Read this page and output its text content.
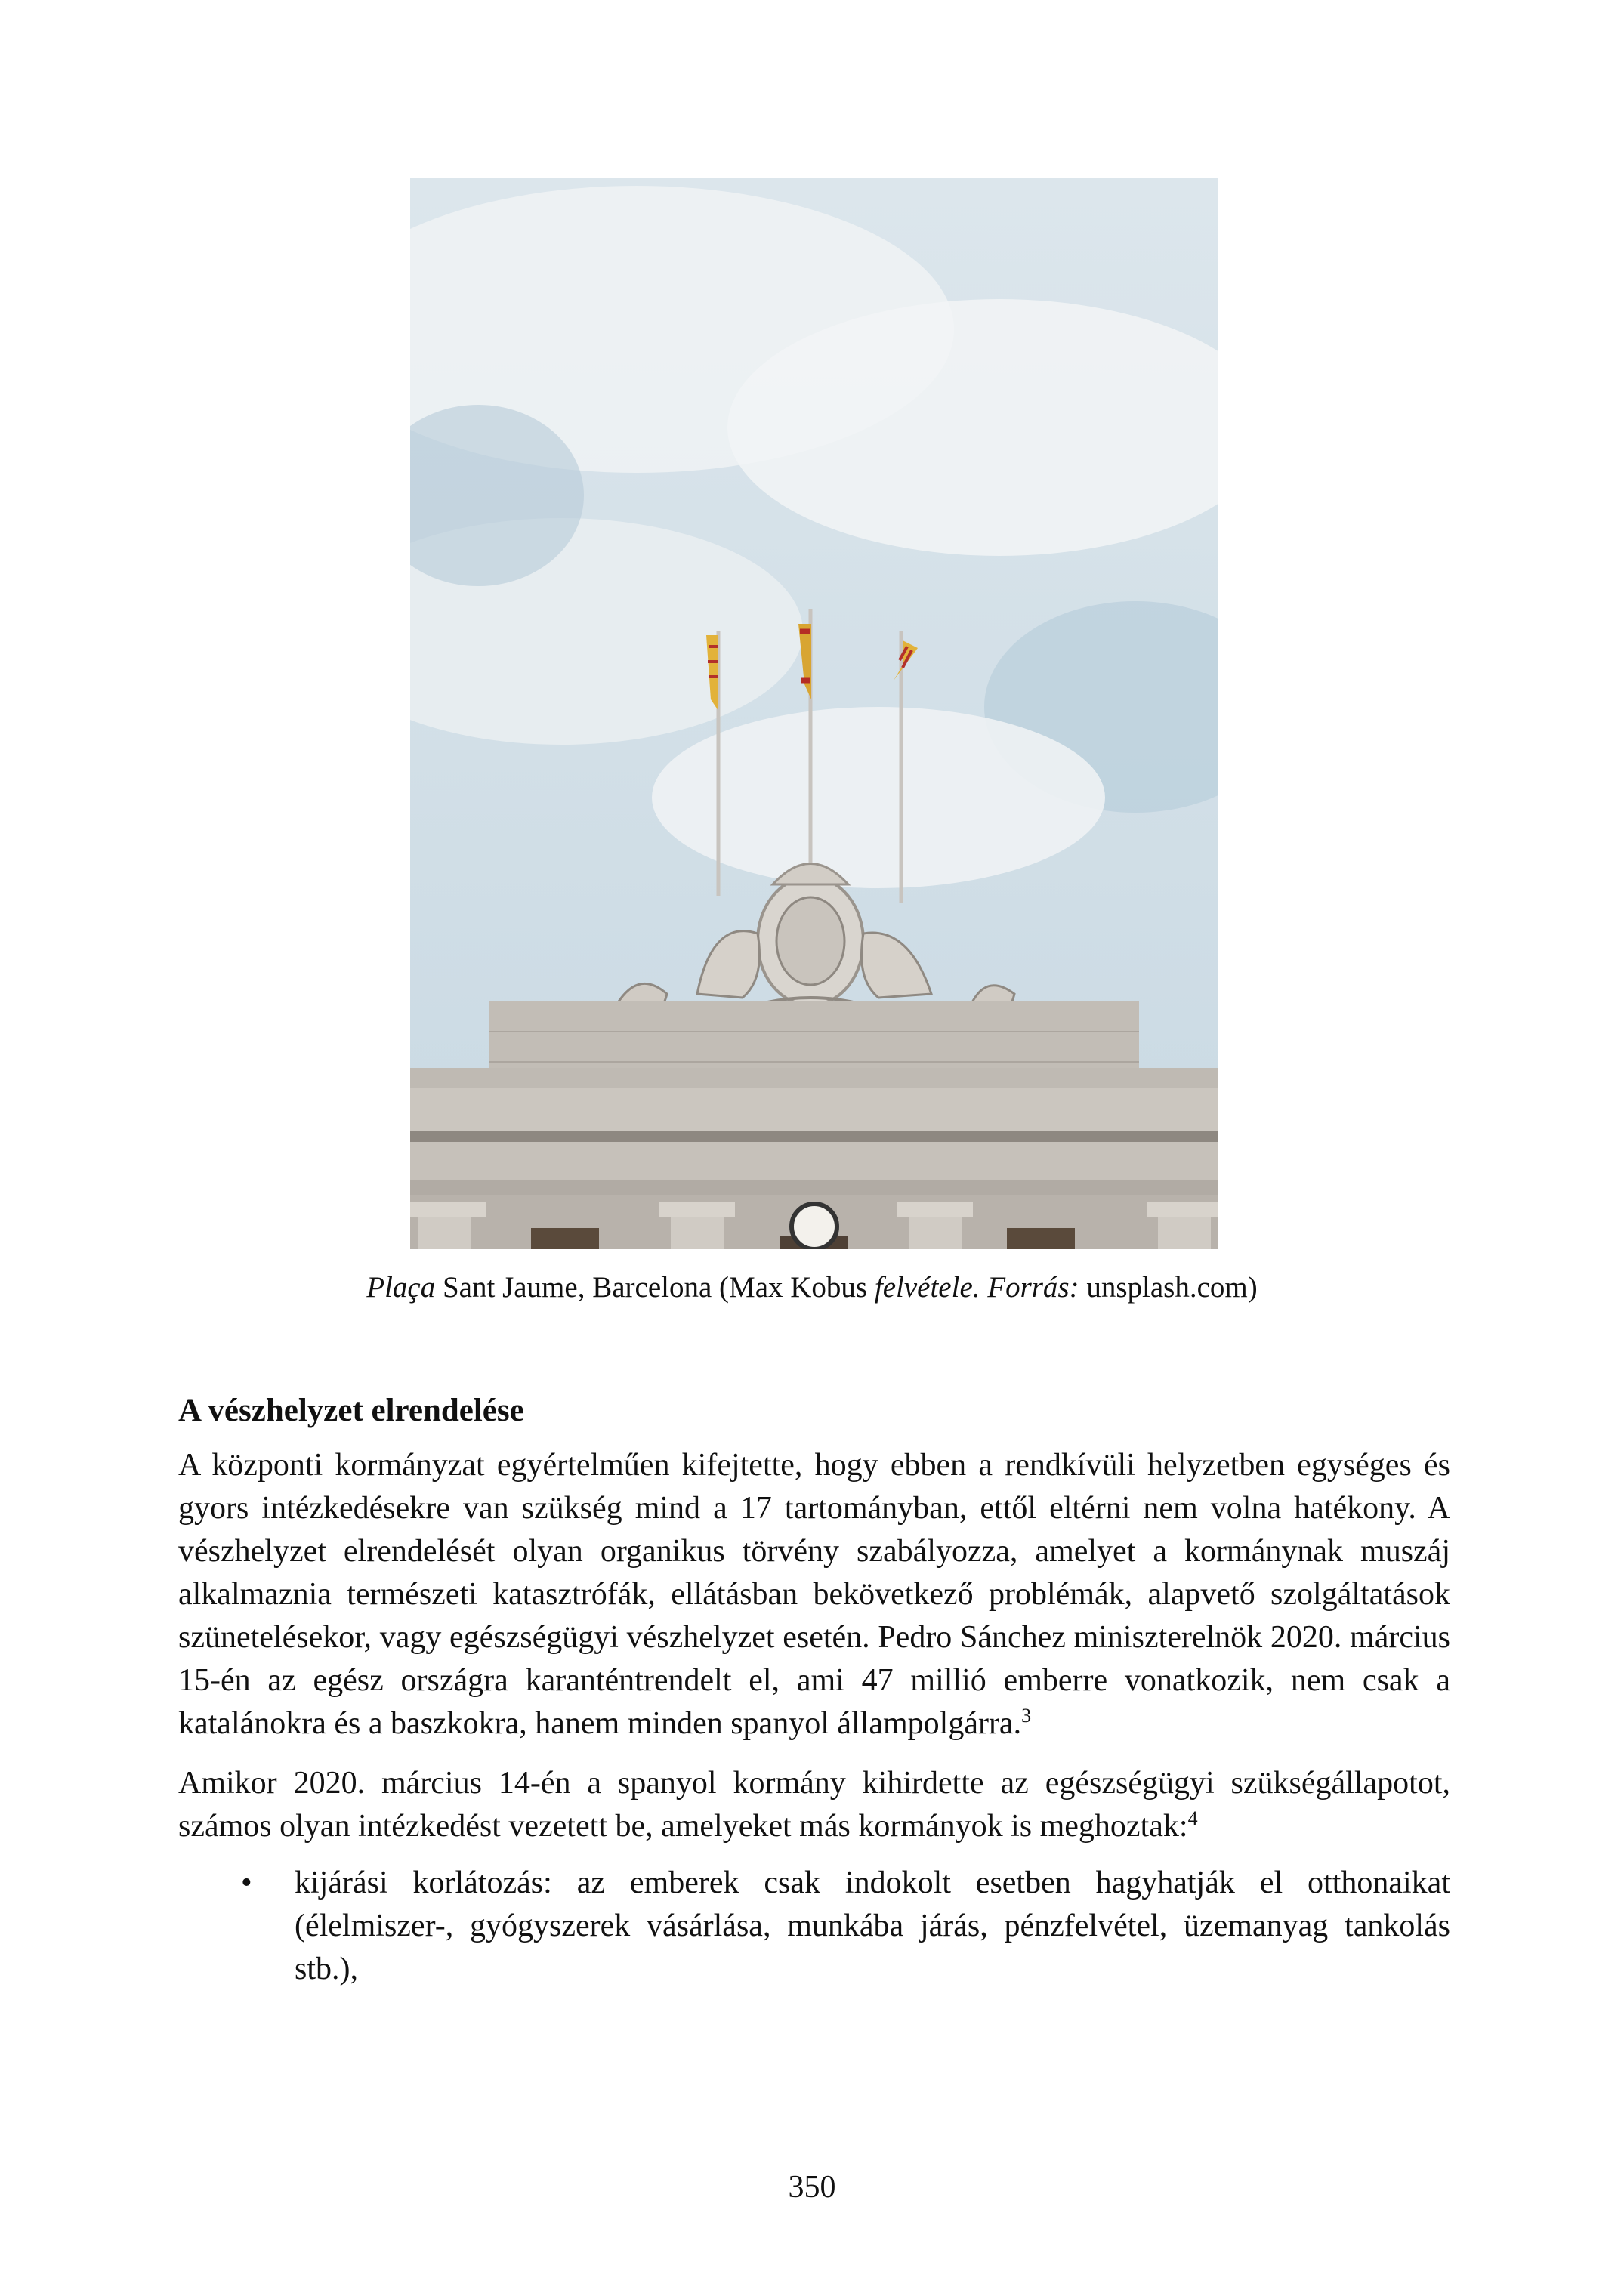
Plaça Sant Jaume, Barcelona (Max Kobus felvétele. Forrás: unsplash.com)
A vészhelyzet elrendelése

A központi kormányzat egyértelműen kifejtette, hogy ebben a rendkívüli helyzetben egységes és gyors intézkedésekre van szükség mind a 17 tartományban, ettől eltérni nem volna hatékony. A vészhelyzet elrendelését olyan organikus törvény szabályozza, amelyet a kormánynak muszáj alkalmaznia természeti katasztrófák, ellátásban bekövetkező problémák, alapvető szolgáltatások szünetelésekor, vagy egészségügyi vészhelyzet esetén. Pedro Sánchez miniszterelnök 2020. március 15-én az egész országra karanténtrendelt el, ami 47 millió emberre vonatkozik, nem csak a katalánokra és a baszkokra, hanem minden spanyol állampolgárra.$^3$

Amikor 2020. március 14-én a spanyol kormány kihirdette az egészségügyi szükségállapotot, számos olyan intézkedést vezetett be, amelyeket más kormányok is meghoztak:$^4$

• kijárási korlátozás: az emberek csak indokolt esetben hagyhatják el otthonaikat (élelmiszer-, gyógyszerek vásárlása, munkába járás, pénzfelvétel, üzemanyag tankolás stb.),
350
